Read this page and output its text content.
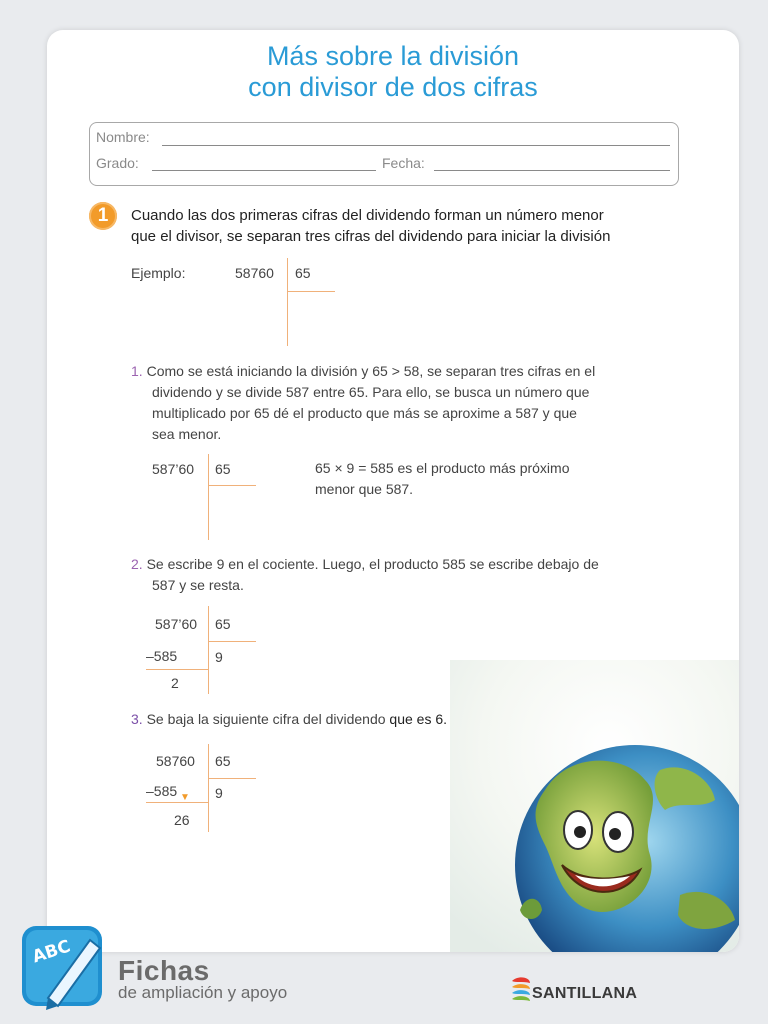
Más sobre la división
con divisor de dos cifras
Nombre:
Grado:	Fecha:
1	Cuando las dos primeras cifras del dividendo forman un número menor
que el divisor, se separan tres cifras del dividendo para iniciar la división
Ejemplo:	58760 65
1. Como se está iniciando la división y 65 > 58, se separan tres cifras en el
dividendo y se divide 587 entre 65. Para ello, se busca un número que
multiplicado por 65 dé el producto que más se aproxime a 587 y que
sea menor.
587’60 65	65 × 9 = 585 es el producto más próximo
menor que 587.
2. Se escribe 9 en el cociente. Luego, el producto 585 se escribe debajo de
587 y se resta.
587’60 65
–585	9
2
3. Se baja la siguiente cifra del dividendo que es 6.
58760 65
–585 ▼ 9
26
ABC
Fichas
de ampliación y apoyo	SANTILLANA
